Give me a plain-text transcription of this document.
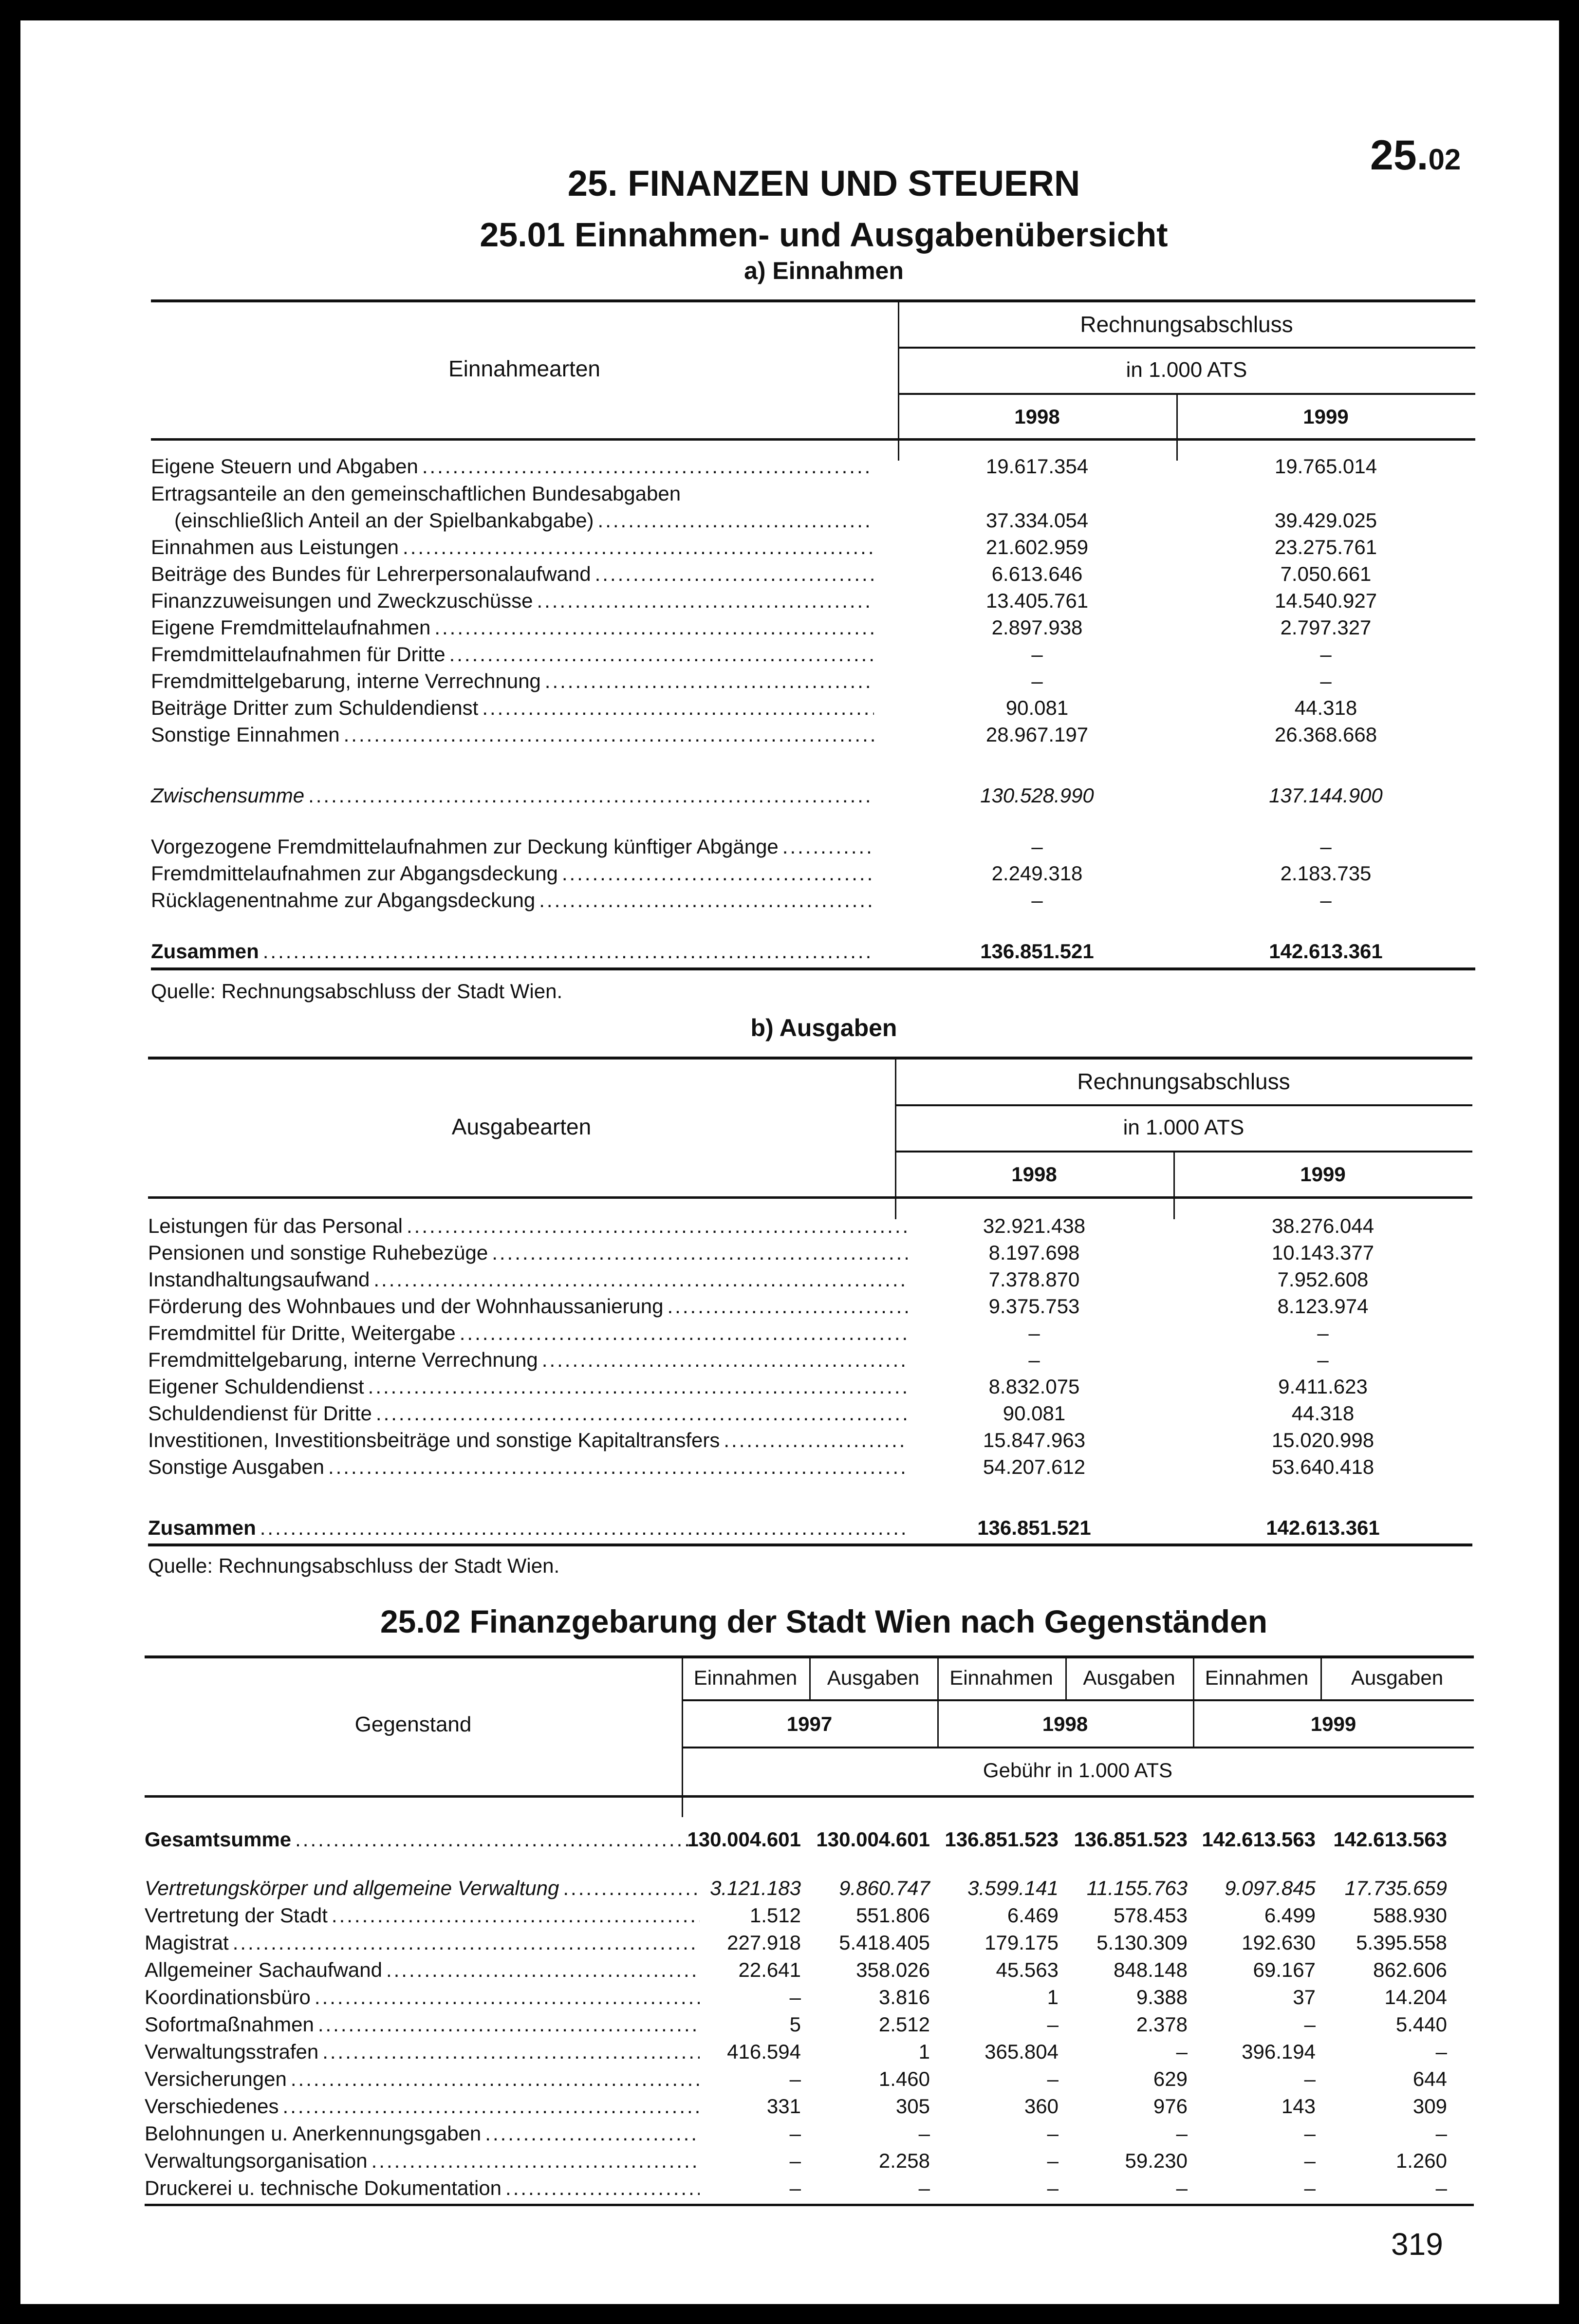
25.02
25. FINANZEN UND STEUERN
25.01 Einnahmen- und Ausgabenübersicht
a) Einnahmen
Einnahmearten
Rechnungsabschluss
in 1.000 ATS
1998	1999
Eigene Steuern und Abgaben .....	19.617.354	19.765.014
Ertragsanteile an den gemeinschaftlichen Bundesabgaben
(einschließlich Anteil an der Spielbankabgabe) .....	37.334.054	39.429.025
Einnahmen aus Leistungen .....	21.602.959	23.275.761
Beiträge des Bundes für Lehrerpersonalaufwand .....	6.613.646	7.050.661
Finanzzuweisungen und Zweckzuschüsse .....	13.405.761	14.540.927
Eigene Fremdmittelaufnahmen .....	2.897.938	2.797.327
Fremdmittelaufnahmen für Dritte .....	–	–
Fremdmittelgebarung, interne Verrechnung .....	–	–
Beiträge Dritter zum Schuldendienst .....	90.081	44.318
Sonstige Einnahmen .....	28.967.197	26.368.668
Zwischensumme .....	130.528.990	137.144.900
Vorgezogene Fremdmittelaufnahmen zur Deckung künftiger Abgänge .....	–	–
Fremdmittelaufnahmen zur Abgangsdeckung .....	2.249.318	2.183.735
Rücklagenentnahme zur Abgangsdeckung .....	–	–
Zusammen .....	136.851.521	142.613.361
Quelle: Rechnungsabschluss der Stadt Wien.
b) Ausgaben
Ausgabearten
Rechnungsabschluss
in 1.000 ATS
1998	1999
Leistungen für das Personal .....	32.921.438	38.276.044
Pensionen und sonstige Ruhebezüge .....	8.197.698	10.143.377
Instandhaltungsaufwand .....	7.378.870	7.952.608
Förderung des Wohnbaues und der Wohnhaussanierung .....	9.375.753	8.123.974
Fremdmittel für Dritte, Weitergabe .....	–	–
Fremdmittelgebarung, interne Verrechnung .....	–	–
Eigener Schuldendienst .....	8.832.075	9.411.623
Schuldendienst für Dritte .....	90.081	44.318
Investitionen, Investitionsbeiträge und sonstige Kapitaltransfers .....	15.847.963	15.020.998
Sonstige Ausgaben .....	54.207.612	53.640.418
Zusammen .....	136.851.521	142.613.361
Quelle: Rechnungsabschluss der Stadt Wien.
25.02 Finanzgebarung der Stadt Wien nach Gegenständen
Gegenstand
Einnahmen	Ausgaben	Einnahmen	Ausgaben	Einnahmen	Ausgaben
1997	1998	1999
Gebühr in 1.000 ATS
Gesamtsumme .....	130.004.601 130.004.601 136.851.523 136.851.523 142.613.563 142.613.563
Vertretungskörper und allgemeine Verwaltung .....	3.121.183	9.860.747	3.599.141	11.155.763	9.097.845	17.735.659
Vertretung der Stadt .....	1.512	551.806	6.469	578.453	6.499	588.930
Magistrat .....	227.918	5.418.405	179.175	5.130.309	192.630	5.395.558
Allgemeiner Sachaufwand .....	22.641	358.026	45.563	848.148	69.167	862.606
Koordinationsbüro .....	–	3.816	1	9.388	37	14.204
Sofortmaßnahmen .....	5	2.512	–	2.378	–	5.440
Verwaltungsstrafen .....	416.594	1	365.804	–	396.194	–
Versicherungen .....	–	1.460	–	629	–	644
Verschiedenes .....	331	305	360	976	143	309
Belohnungen u. Anerkennungsgaben .....	–	–	–	–	–	–
Verwaltungsorganisation .....	–	2.258	–	59.230	–	1.260
Druckerei u. technische Dokumentation .....	–	–	–	–	–	–
319
